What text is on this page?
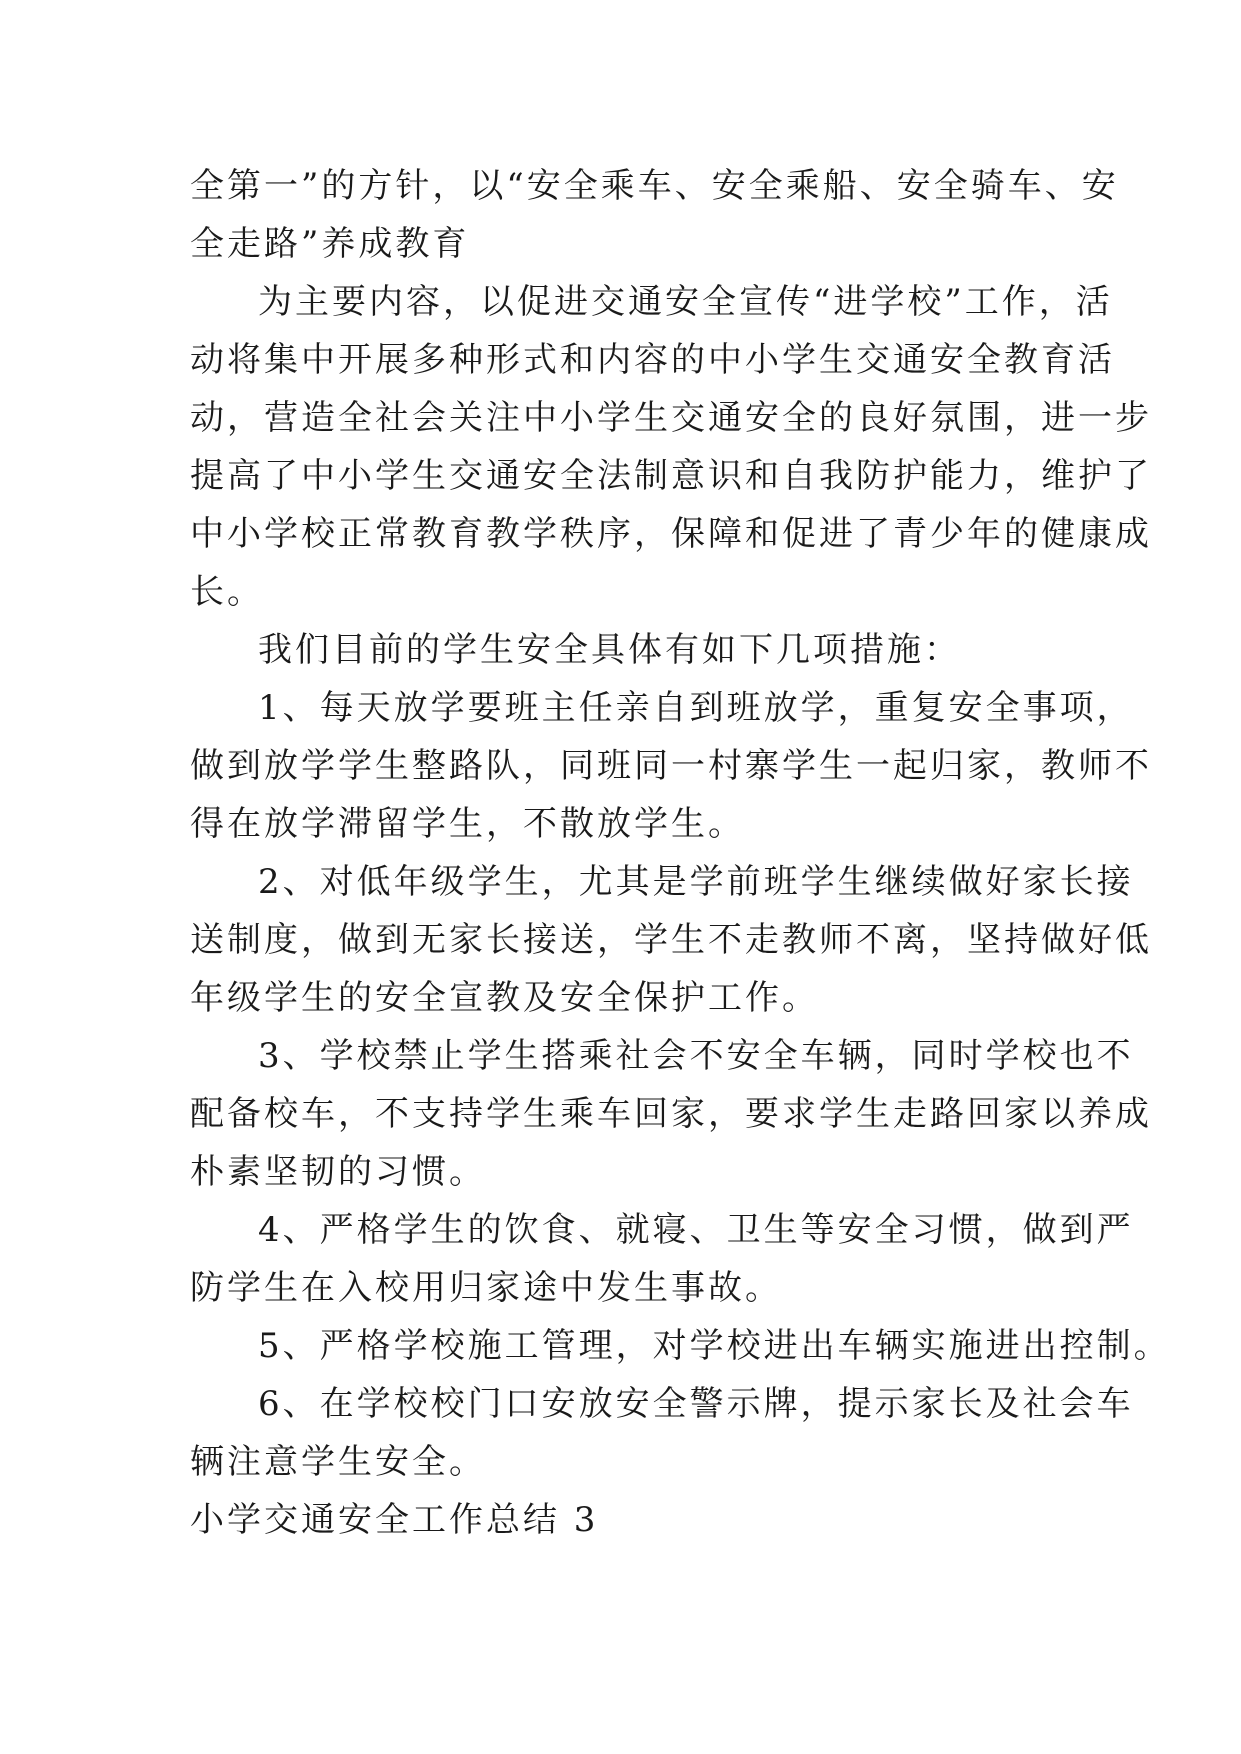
全第一”的方针，以“安全乘车、安全乘船、安全骑车、安
全走路”养成教育
为主要内容，以促进交通安全宣传“进学校”工作，活
动将集中开展多种形式和内容的中小学生交通安全教育活
动，营造全社会关注中小学生交通安全的良好氛围，进一步
提高了中小学生交通安全法制意识和自我防护能力，维护了
中小学校正常教育教学秩序，保障和促进了青少年的健康成
长。
我们目前的学生安全具体有如下几项措施：
1、每天放学要班主任亲自到班放学，重复安全事项，
做到放学学生整路队，同班同一村寨学生一起归家，教师不
得在放学滞留学生，不散放学生。
2、对低年级学生，尤其是学前班学生继续做好家长接
送制度，做到无家长接送，学生不走教师不离，坚持做好低
年级学生的安全宣教及安全保护工作。
3、学校禁止学生搭乘社会不安全车辆，同时学校也不
配备校车，不支持学生乘车回家，要求学生走路回家以养成
朴素坚韧的习惯。
4、严格学生的饮食、就寝、卫生等安全习惯，做到严
防学生在入校用归家途中发生事故。
5、严格学校施工管理，对学校进出车辆实施进出控制。
6、在学校校门口安放安全警示牌，提示家长及社会车
辆注意学生安全。
小学交通安全工作总结 3
